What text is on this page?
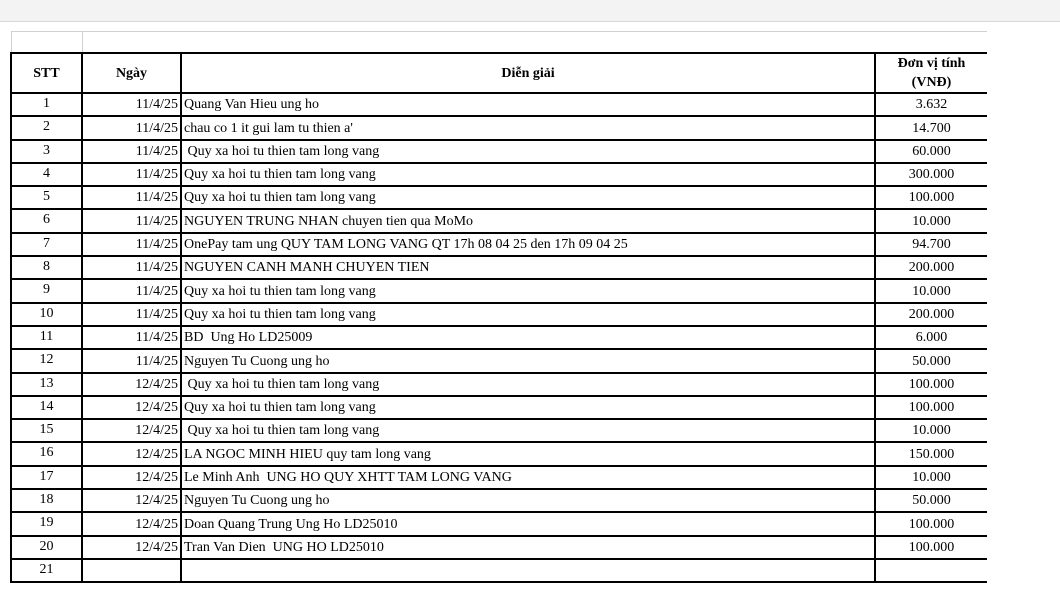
STT	Ngày	Diễn giải	Đơn vị tính
(VNĐ)
1	11/4/25	Quang Van Hieu ung ho	3.632
2	11/4/25	chau co 1 it gui lam tu thien a'	14.700
3	11/4/25	Quy xa hoi tu thien tam long vang	60.000
4	11/4/25	Quy xa hoi tu thien tam long vang	300.000
5	11/4/25	Quy xa hoi tu thien tam long vang	100.000
6	11/4/25	NGUYEN TRUNG NHAN chuyen tien qua MoMo	10.000
7	11/4/25	OnePay tam ung QUY TAM LONG VANG QT 17h 08 04 25 den 17h 09 04 25	94.700
8	11/4/25	NGUYEN CANH MANH CHUYEN TIEN	200.000
9	11/4/25	Quy xa hoi tu thien tam long vang	10.000
10	11/4/25	Quy xa hoi tu thien tam long vang	200.000
11	11/4/25	BD  Ung Ho LD25009	6.000
12	11/4/25	Nguyen Tu Cuong ung ho	50.000
13	12/4/25	Quy xa hoi tu thien tam long vang	100.000
14	12/4/25	Quy xa hoi tu thien tam long vang	100.000
15	12/4/25	Quy xa hoi tu thien tam long vang	10.000
16	12/4/25	LA NGOC MINH HIEU quy tam long vang	150.000
17	12/4/25	Le Minh Anh  UNG HO QUY XHTT TAM LONG VANG	10.000
18	12/4/25	Nguyen Tu Cuong ung ho	50.000
19	12/4/25	Doan Quang Trung Ung Ho LD25010	100.000
20	12/4/25	Tran Van Dien  UNG HO LD25010	100.000
21			
